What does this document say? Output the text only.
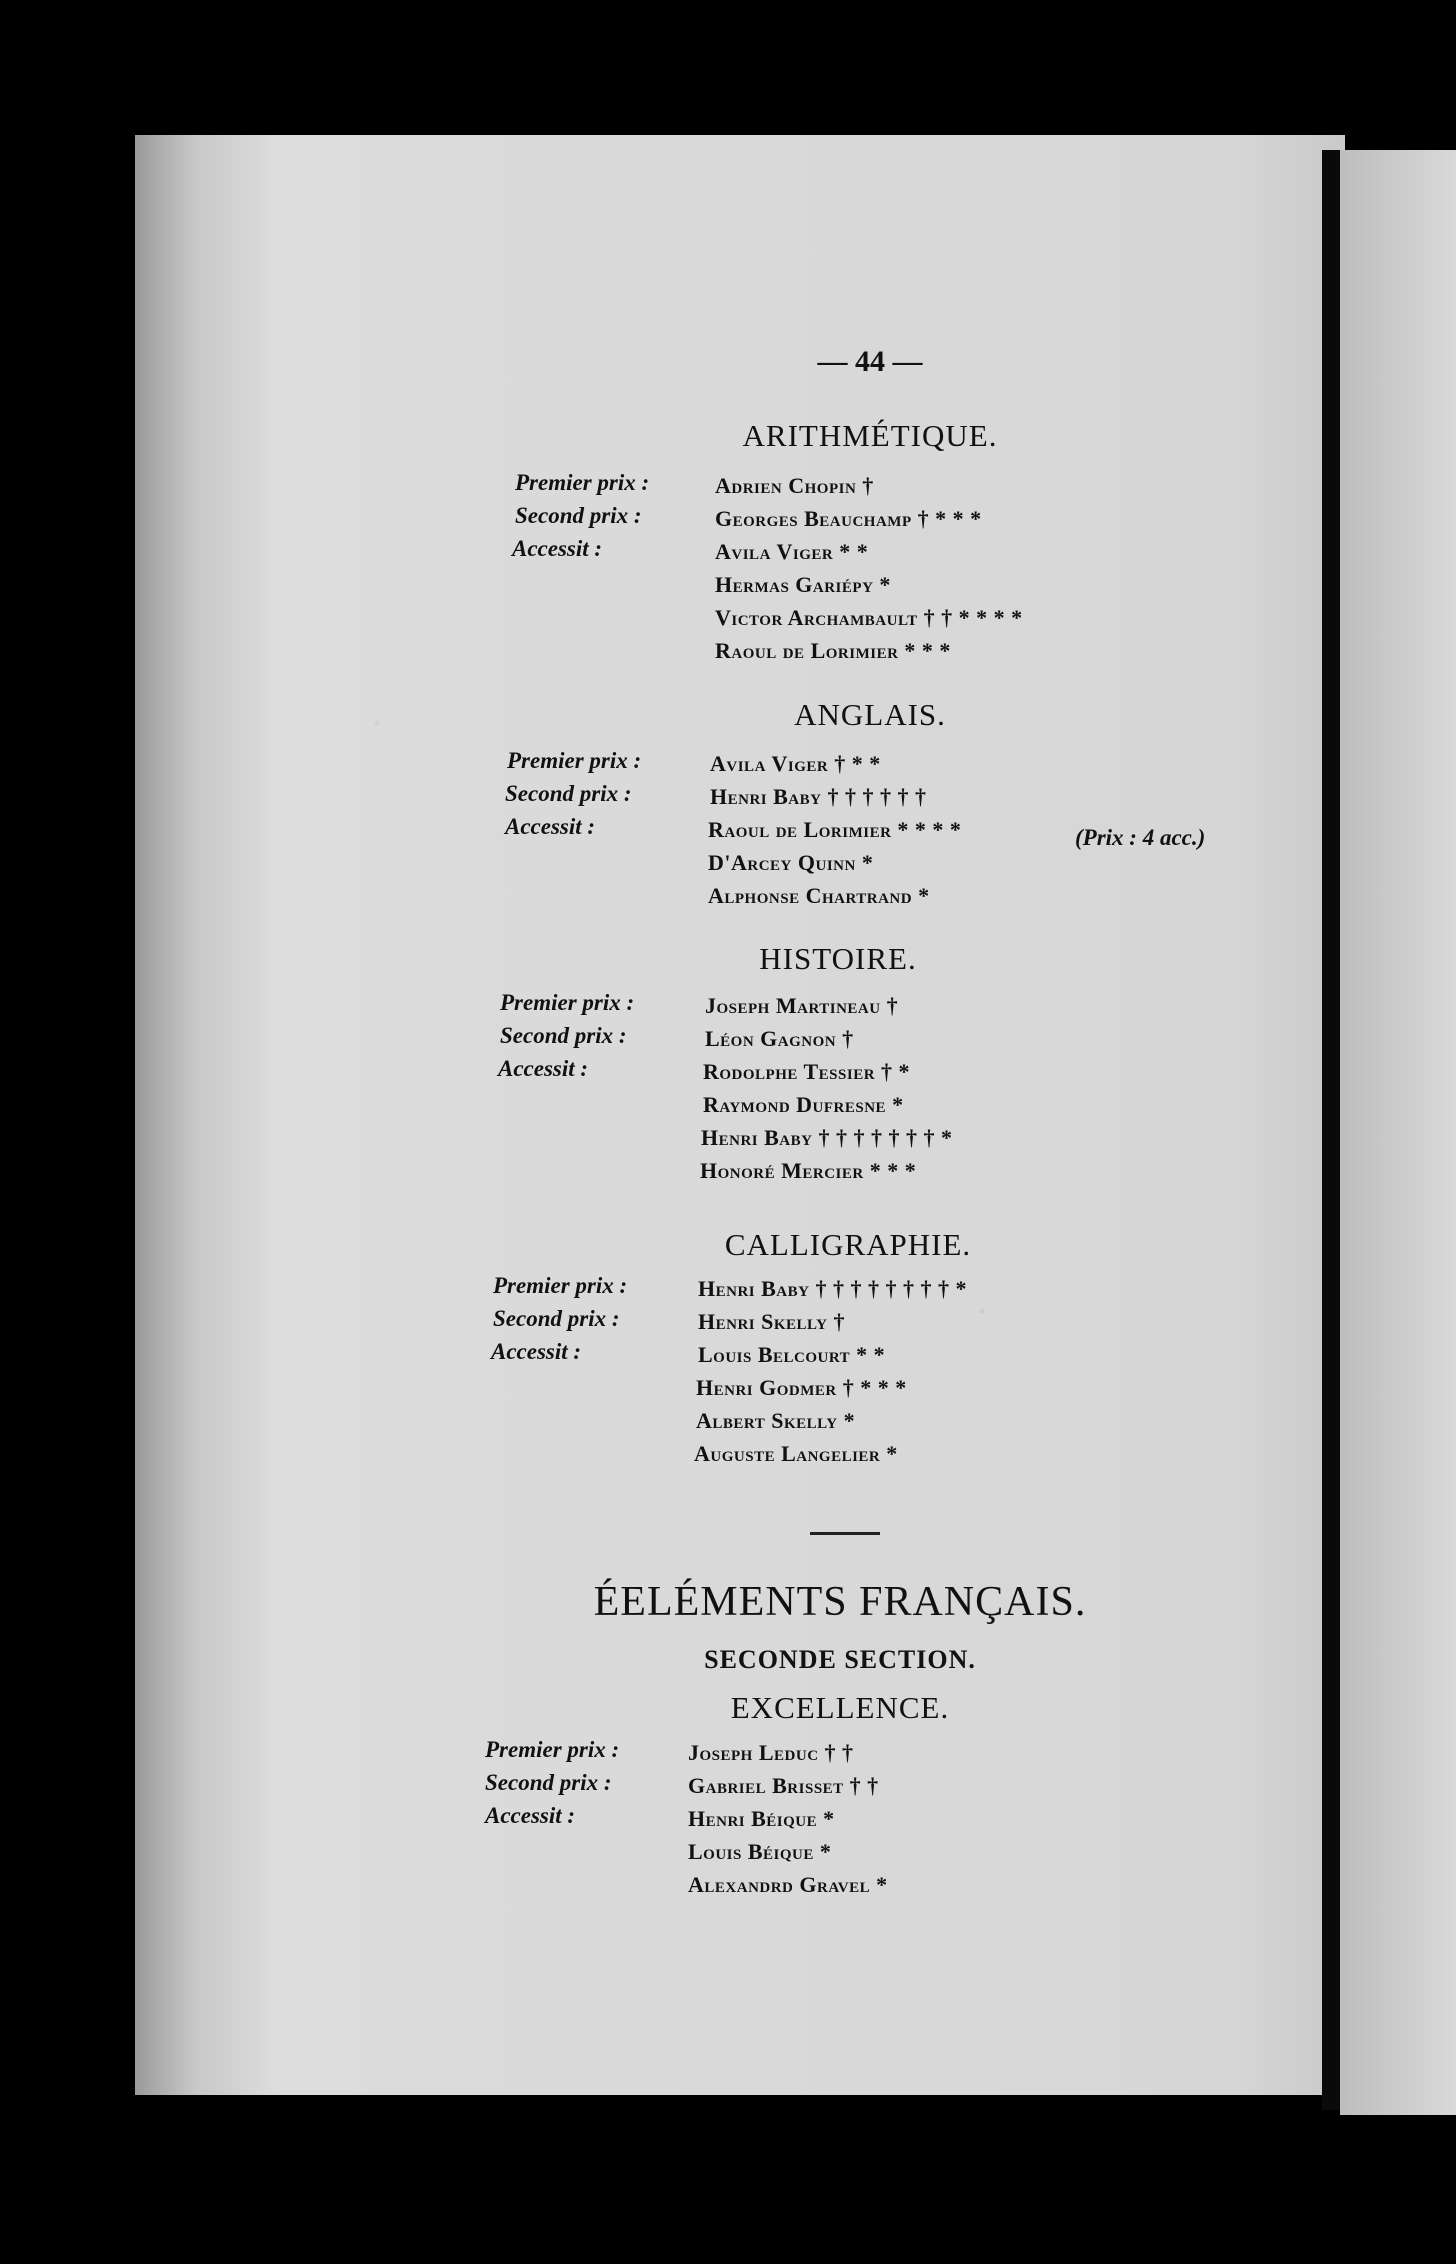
— 44 —
ARITHMÉTIQUE.
Premier prix :
Second prix :
Accessit :
Adrien Chopin †
Georges Beauchamp † * * *
Avila Viger * *
Hermas Gariépy *
Victor Archambault † † * * * *
Raoul de Lorimier * * *
ANGLAIS.
Premier prix :
Second prix :
Accessit :
Avila Viger † * *
Henri Baby † † † † † †
Raoul de Lorimier * * * *
D'Arcey Quinn *
Alphonse Chartrand *
(Prix : 4 acc.)
HISTOIRE.
Premier prix :
Second prix :
Accessit :
Joseph Martineau †
Léon Gagnon †
Rodolphe Tessier † *
Raymond Dufresne *
Henri Baby † † † † † † † *
Honoré Mercier * * *
CALLIGRAPHIE.
Premier prix :
Second prix :
Accessit :
Henri Baby † † † † † † † † *
Henri Skelly †
Louis Belcourt * *
Henri Godmer † * * *
Albert Skelly *
Auguste Langelier *
ÉELÉMENTS FRANÇAIS.
SECONDE SECTION.
EXCELLENCE.
Premier prix :
Second prix :
Accessit :
Joseph Leduc † †
Gabriel Brisset † †
Henri Béique *
Louis Béique *
Alexandrd Gravel *
